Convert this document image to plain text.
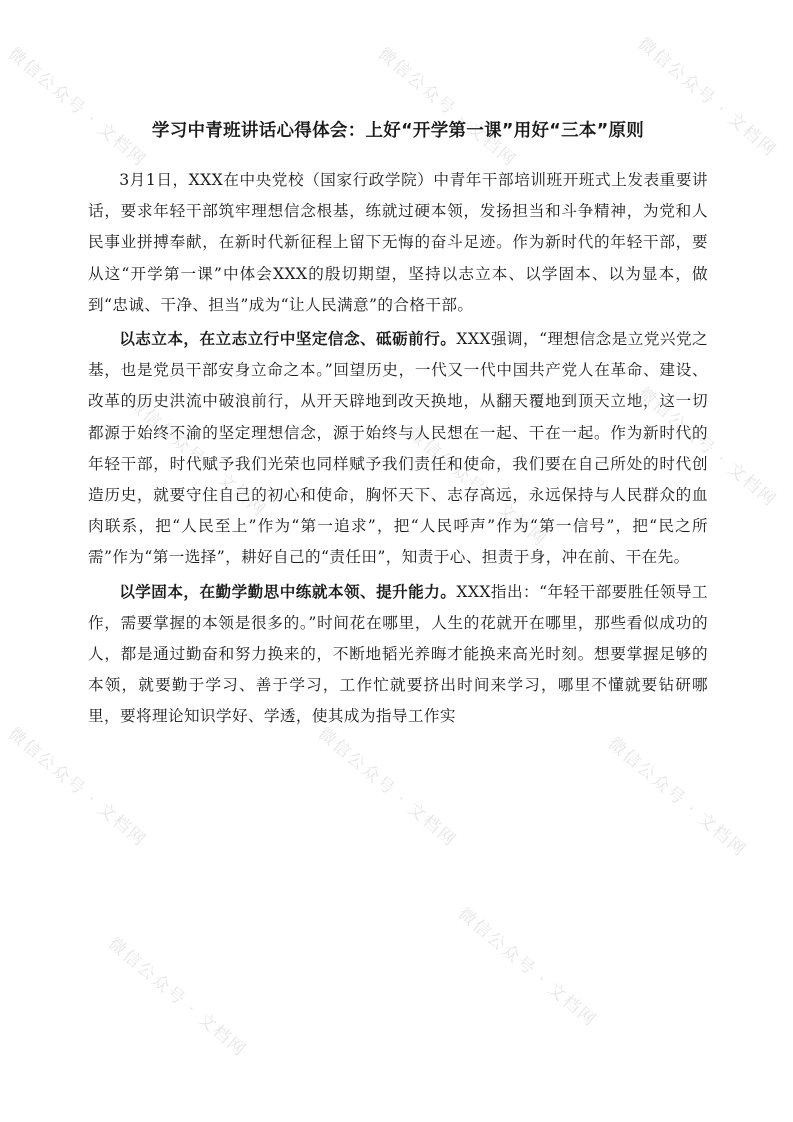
微信公众号 · 文档网	微信公众号 · 文档网	微信公众号 · 文档网
微信公众号 · 文档网	微信公众号 · 文档网	微信公众号 · 文档网
微信公众号 · 文档网	微信公众号 · 文档网	微信公众号 · 文档网
微信公众号 · 文档网	微信公众号 · 文档网
学习中青班讲话心得体会：上好“开学第一课”用好“三本”原则

3月1日，XXX在中央党校（国家行政学院）中青年干部培训班开班式上发表重要讲话，要求年轻干部筑牢理想信念根基，练就过硬本领，发扬担当和斗争精神，为党和人民事业拼搏奉献，在新时代新征程上留下无悔的奋斗足迹。作为新时代的年轻干部，要从这“开学第一课”中体会XXX的殷切期望，坚持以志立本、以学固本、以为显本，做到“忠诚、干净、担当”成为“让人民满意”的合格干部。

以志立本，在立志立行中坚定信念、砥砺前行。XXX强调，“理想信念是立党兴党之基，也是党员干部安身立命之本。”回望历史，一代又一代中国共产党人在革命、建设、改革的历史洪流中破浪前行，从开天辟地到改天换地，从翻天覆地到顶天立地，这一切都源于始终不渝的坚定理想信念，源于始终与人民想在一起、干在一起。作为新时代的年轻干部，时代赋予我们光荣也同样赋予我们责任和使命，我们要在自己所处的时代创造历史，就要守住自己的初心和使命，胸怀天下、志存高远，永远保持与人民群众的血肉联系，把“人民至上”作为“第一追求”，把“人民呼声”作为“第一信号”，把“民之所需”作为“第一选择”，耕好自己的“责任田”，知责于心、担责于身，冲在前、干在先。

以学固本，在勤学勤思中练就本领、提升能力。XXX指出：“年轻干部要胜任领导工作，需要掌握的本领是很多的。”时间花在哪里，人生的花就开在哪里，那些看似成功的人，都是通过勤奋和努力换来的，不断地韬光养晦才能换来高光时刻。想要掌握足够的本领，就要勤于学习、善于学习，工作忙就要挤出时间来学习，哪里不懂就要钻研哪里，要将理论知识学好、学透，使其成为指导工作实
